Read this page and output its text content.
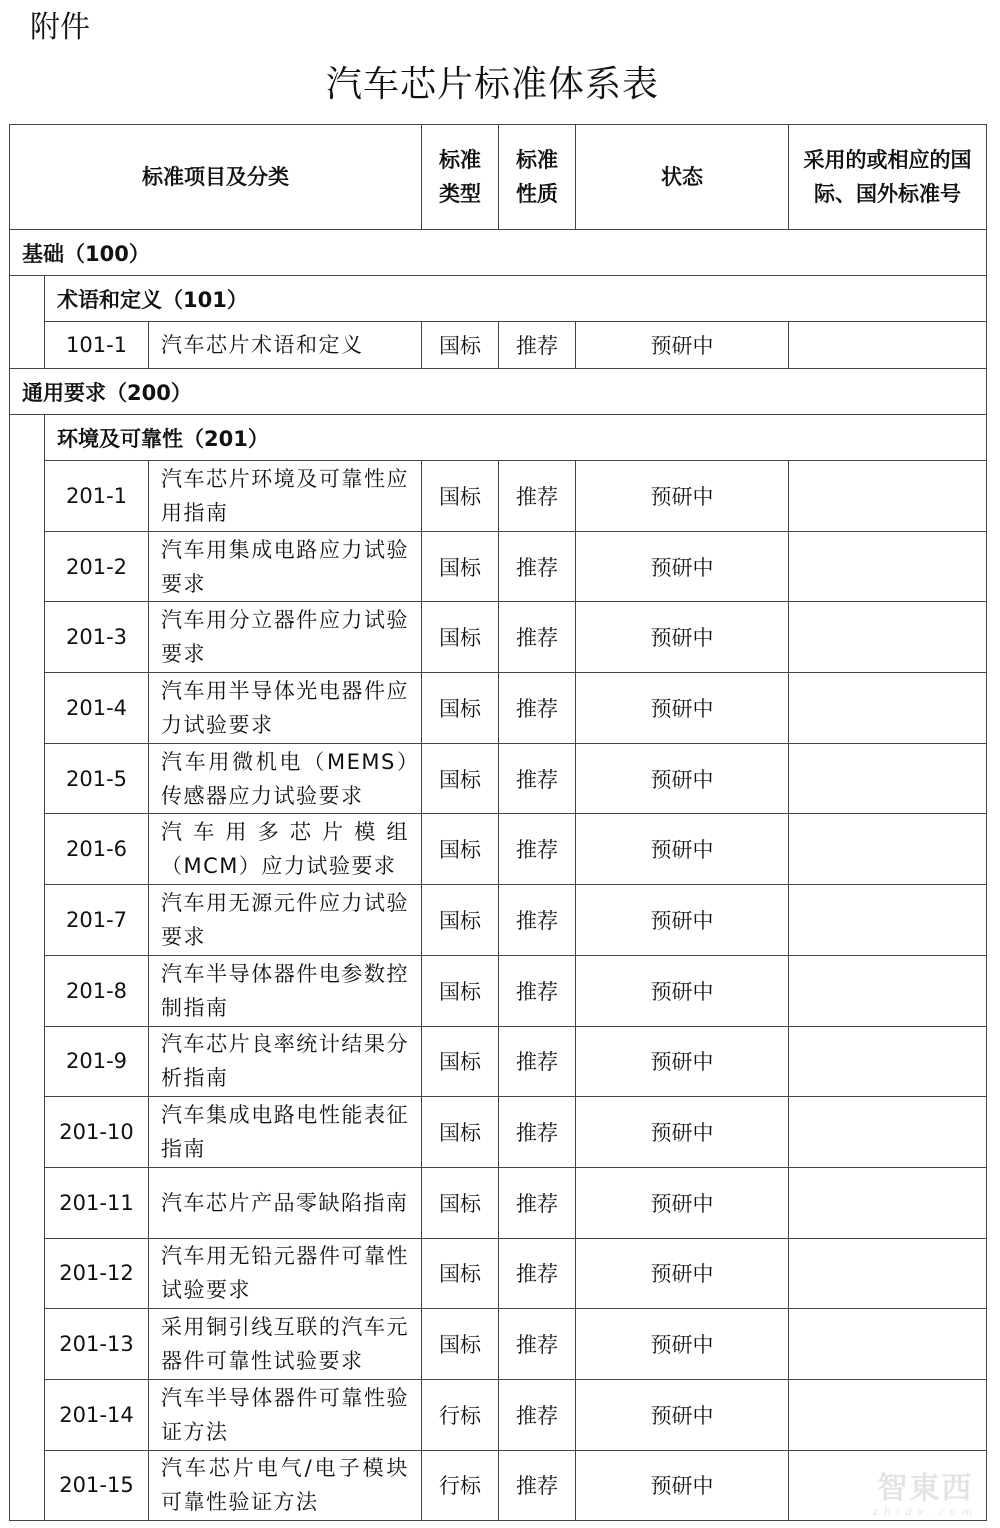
附件
汽车芯片标准体系表
标准项目及分类			标准类型	标准性质	状态	采用的或相应的国际、国外标准号
基础（100）						
	术语和定义（101）					
	101-1	汽车芯片术语和定义	国标	推荐	预研中	
通用要求（200）						
	环境及可靠性（201）					
	201-1	汽车芯片环境及可靠性应用指南	国标	推荐	预研中	
	201-2	汽车用集成电路应力试验要求	国标	推荐	预研中	
	201-3	汽车用分立器件应力试验要求	国标	推荐	预研中	
	201-4	汽车用半导体光电器件应力试验要求	国标	推荐	预研中	
	201-5	汽车用微机电（MEMS）传感器应力试验要求	国标	推荐	预研中	
	201-6	汽车用多芯片模组（MCM）应力试验要求	国标	推荐	预研中	
	201-7	汽车用无源元件应力试验要求	国标	推荐	预研中	
	201-8	汽车半导体器件电参数控制指南	国标	推荐	预研中	
	201-9	汽车芯片良率统计结果分析指南	国标	推荐	预研中	
	201-10	汽车集成电路电性能表征指南	国标	推荐	预研中	
	201-11	汽车芯片产品零缺陷指南	国标	推荐	预研中	
	201-12	汽车用无铅元器件可靠性试验要求	国标	推荐	预研中	
	201-13	采用铜引线互联的汽车元器件可靠性试验要求	国标	推荐	预研中	
	201-14	汽车半导体器件可靠性验证方法	行标	推荐	预研中	
	201-15	汽车芯片电气/电子模块可靠性验证方法	行标	推荐	预研中		智東西
zhidx.com
